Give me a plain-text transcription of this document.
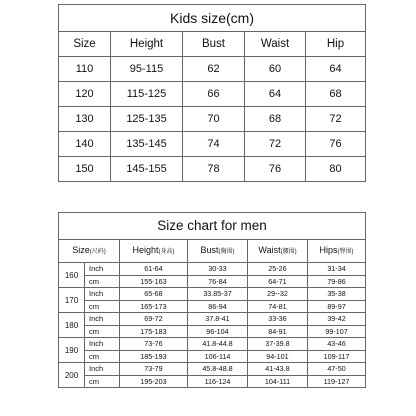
Kids size(cm)				
Size	Height	Bust	Waist	Hip
110	95-115	62	60	64
120	115-125	66	64	68
130	125-135	70	68	72
140	135-145	74	72	76
150	145-155	78	76	80
Size chart for men					
Size(尺码)		Height(身高)	Bust(胸围)	Waist(腰围)	Hips(臀围)
160	Inch	61-64	30-33	25-26	31-34
	cm	155-163	76-84	64-71	79-86
170	Inch	65-68	33.85-37	29--32	35-38
	cm	165-173	86-94	74-81	89-97
180	Inch	69-72	37.8-41	33-36	39-42
	cm	175-183	96-104	84-91	99-107
190	Inch	73-76	41.8-44.8	37-39.8	43-46
	cm	185-193	106-114	94-101	109-117
200	Inch	73-79	45.8-48.8	41-43.8	47-50
	cm	195-203	116-124	104-111	119-127
